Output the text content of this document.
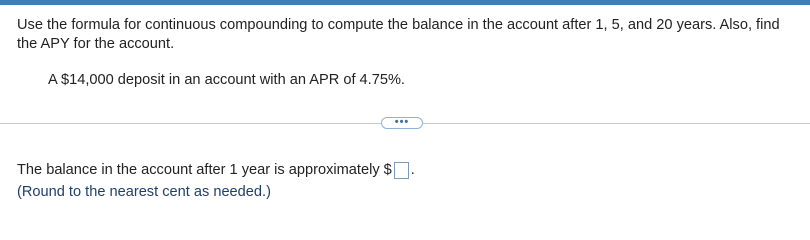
Use the formula for continuous compounding to compute the balance in the account after 1, 5, and 20 years. Also, find the APY for the account.
A $14,000 deposit in an account with an APR of 4.75%.
•••
The balance in the account after 1 year is approximately $ .
(Round to the nearest cent as needed.)
